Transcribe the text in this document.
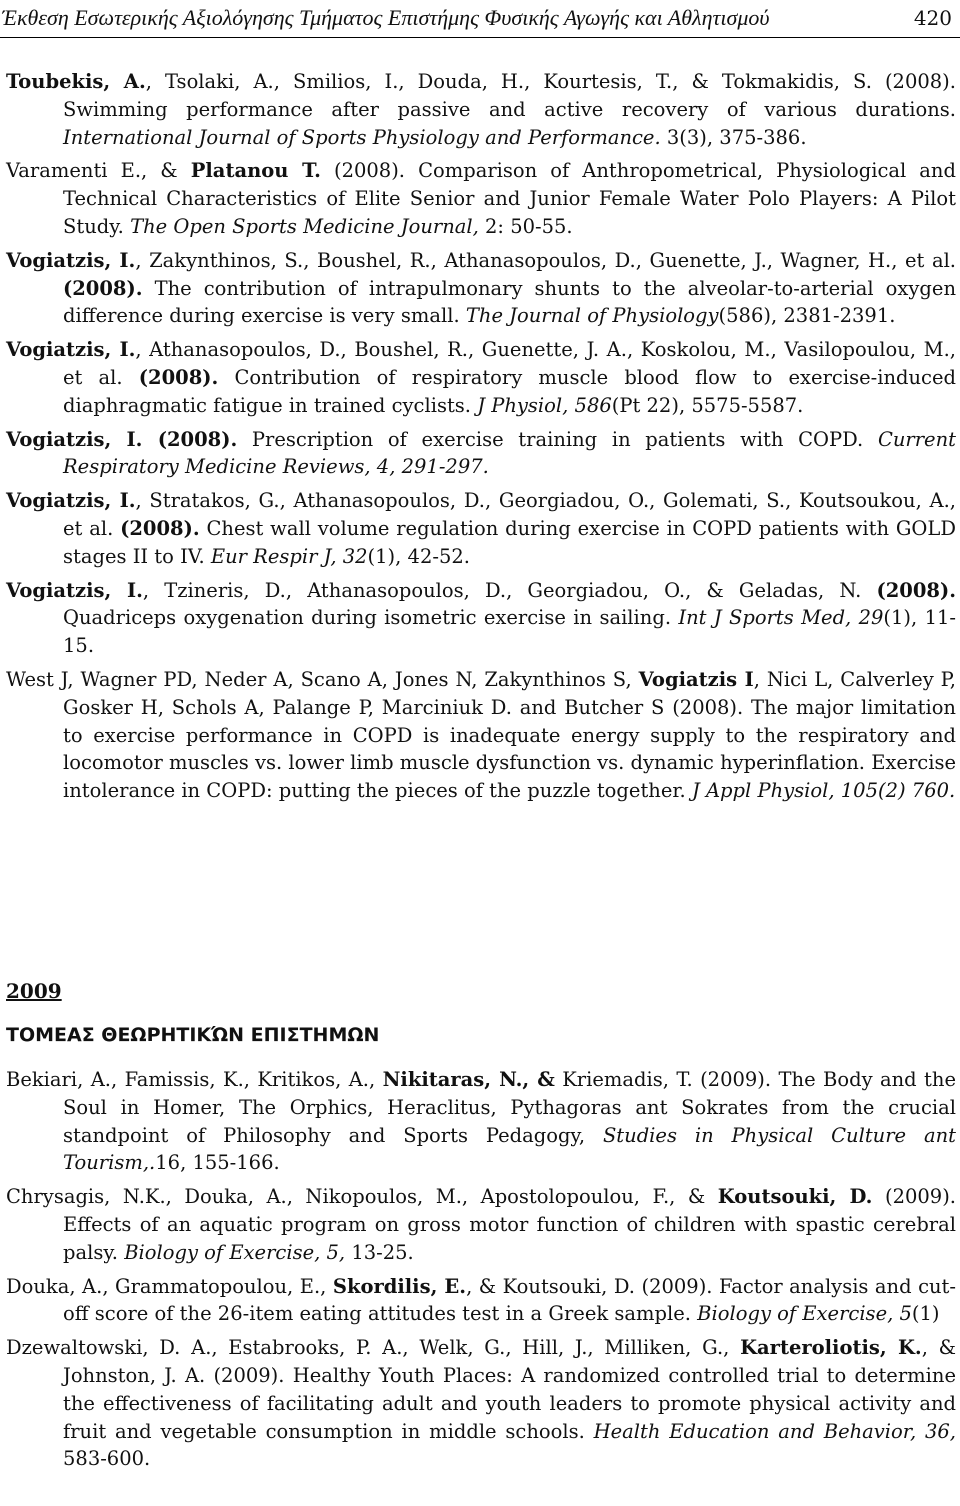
Έκθεση Εσωτερικής Αξιολόγησης Τμήματος Επιστήμης Φυσικής Αγωγής και Αθλητισμού	420

Toubekis, A., Tsolaki, A., Smilios, I., Douda, H., Kourtesis, T., & Tokmakidis, S. (2008). Swimming performance after passive and active recovery of various durations. International Journal of Sports Physiology and Performance. 3(3), 375-386.

Varamenti E., & Platanou T. (2008). Comparison of Anthropometrical, Physiological and Technical Characteristics of Elite Senior and Junior Female Water Polo Players: A Pilot Study. The Open Sports Medicine Journal, 2: 50-55.

Vogiatzis, I., Zakynthinos, S., Boushel, R., Athanasopoulos, D., Guenette, J., Wagner, H., et al. (2008). The contribution of intrapulmonary shunts to the alveolar-to-arterial oxygen difference during exercise is very small. The Journal of Physiology(586), 2381-2391.

Vogiatzis, I., Athanasopoulos, D., Boushel, R., Guenette, J. A., Koskolou, M., Vasilopoulou, M., et al. (2008). Contribution of respiratory muscle blood flow to exercise-induced diaphragmatic fatigue in trained cyclists. J Physiol, 586(Pt 22), 5575-5587.

Vogiatzis, I. (2008). Prescription of exercise training in patients with COPD. Current Respiratory Medicine Reviews, 4, 291-297.

Vogiatzis, I., Stratakos, G., Athanasopoulos, D., Georgiadou, O., Golemati, S., Koutsoukou, A., et al. (2008). Chest wall volume regulation during exercise in COPD patients with GOLD stages II to IV. Eur Respir J, 32(1), 42-52.

Vogiatzis, I., Tzineris, D., Athanasopoulos, D., Georgiadou, O., & Geladas, N. (2008). Quadriceps oxygenation during isometric exercise in sailing. Int J Sports Med, 29(1), 11-15.

West J, Wagner PD, Neder A, Scano A, Jones N, Zakynthinos S, Vogiatzis I, Nici L, Calverley P, Gosker H, Schols A, Palange P, Marciniuk D. and Butcher S (2008). The major limitation to exercise performance in COPD is inadequate energy supply to the respiratory and locomotor muscles vs. lower limb muscle dysfunction vs. dynamic hyperinflation. Exercise intolerance in COPD: putting the pieces of the puzzle together. J Appl Physiol, 105(2) 760.

2009
ΤΟΜΕΑΣ ΘΕΩΡΗΤΙΚΏΝ ΕΠΙΣΤΗΜΩΝ

Bekiari, A., Famissis, K., Kritikos, A., Nikitaras, N., & Kriemadis, T. (2009). The Body and the Soul in Homer, The Orphics, Heraclitus, Pythagoras ant Sokrates from the crucial standpoint of Philosophy and Sports Pedagogy, Studies in Physical Culture ant Tourism,.16, 155-166.

Chrysagis, N.K., Douka, A., Nikopoulos, M., Apostolopoulou, F., & Koutsouki, D. (2009). Effects of an aquatic program on gross motor function of children with spastic cerebral palsy. Biology of Exercise, 5, 13-25.

Douka, A., Grammatopoulou, E., Skordilis, E., & Koutsouki, D. (2009). Factor analysis and cut-off score of the 26-item eating attitudes test in a Greek sample. Biology of Exercise, 5(1)

Dzewaltowski, D. A., Estabrooks, P. A., Welk, G., Hill, J., Milliken, G., Karteroliotis, K., & Johnston, J. A. (2009). Healthy Youth Places: A randomized controlled trial to determine the effectiveness of facilitating adult and youth leaders to promote physical activity and fruit and vegetable consumption in middle schools. Health Education and Behavior, 36, 583-600.
